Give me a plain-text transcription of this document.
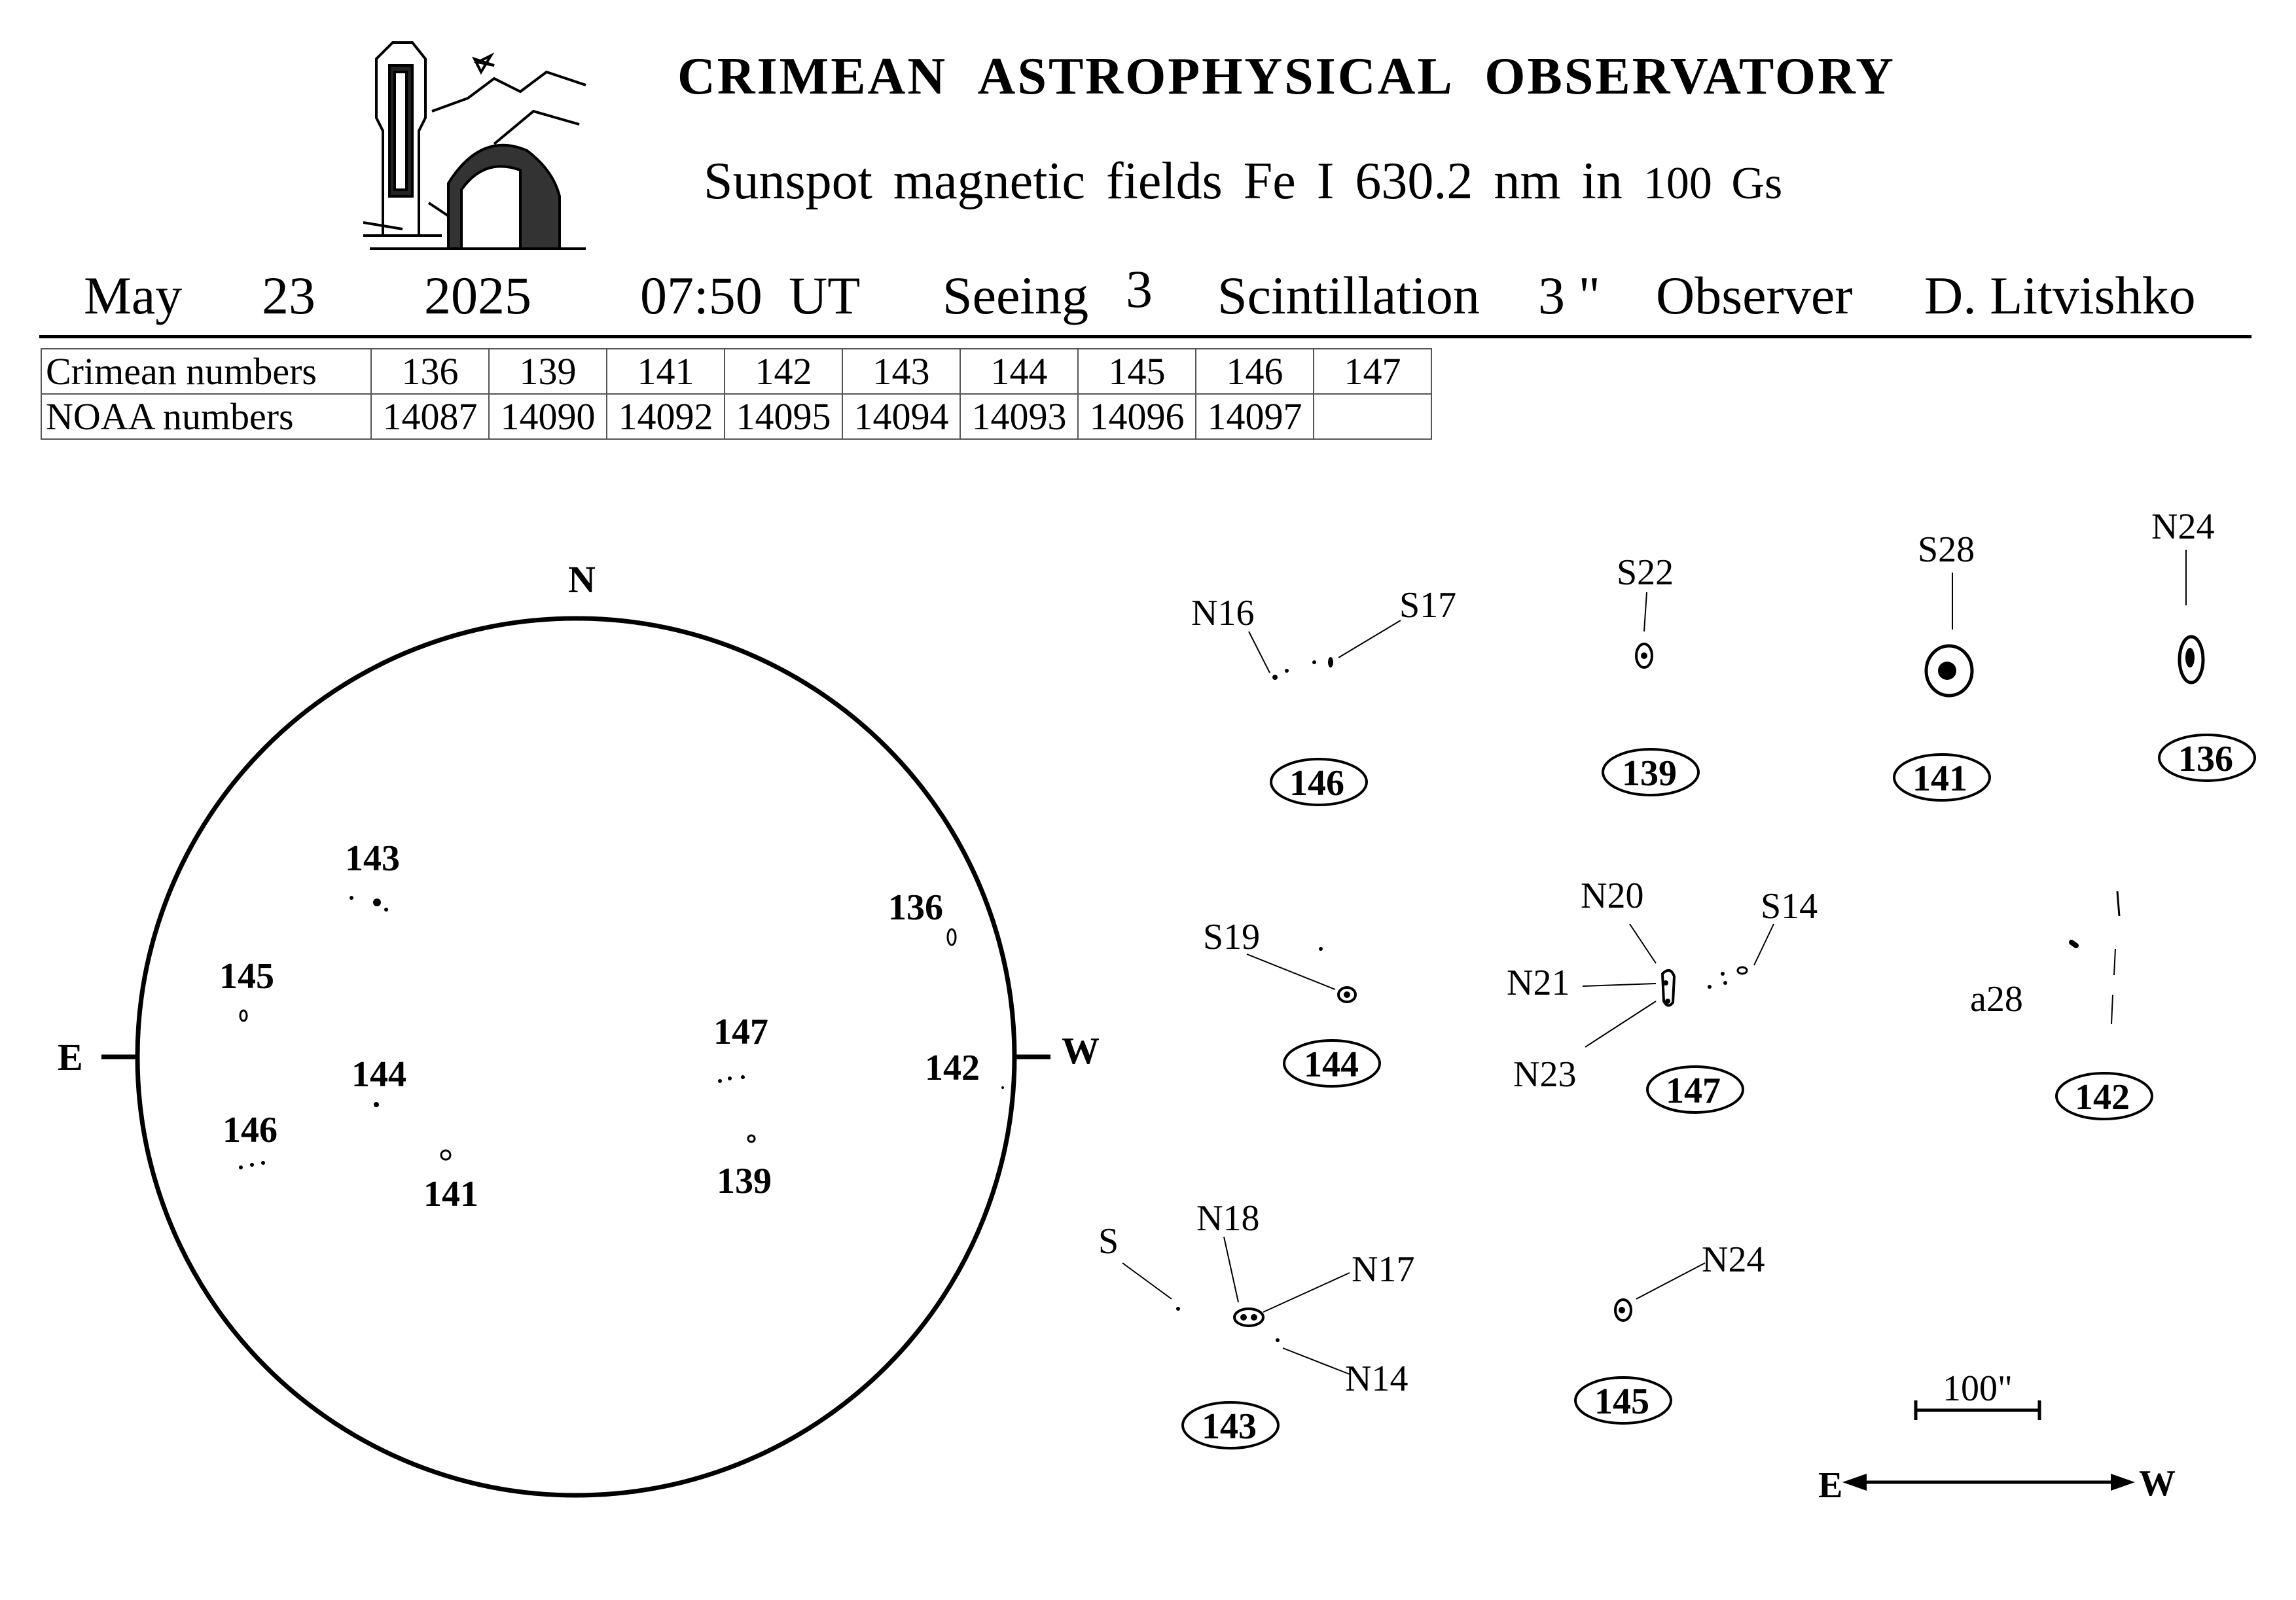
CRIMEAN ASTROPHYSICAL OBSERVATORY
Sunspot magnetic fields Fe I 630.2 nm in 100 Gs
May 23 2025 07:50 UT Seeing 3 Scintillation 3 " Observer D. Litvishko
Crimean numbers	136	139	141	142	143	144	145	146	147
NOAA numbers	14087	14090	14092	14095	14094	14093	14096	14097	
N
E	W
143
136
145
147
144	142
146
141	139
N16	S17
146
S22
139
S28
141
N24
136
S19
144
N20	S14
N21
N23 147
a28
142
S
N18
N17
N14
143
N24
145	100"
E	W
